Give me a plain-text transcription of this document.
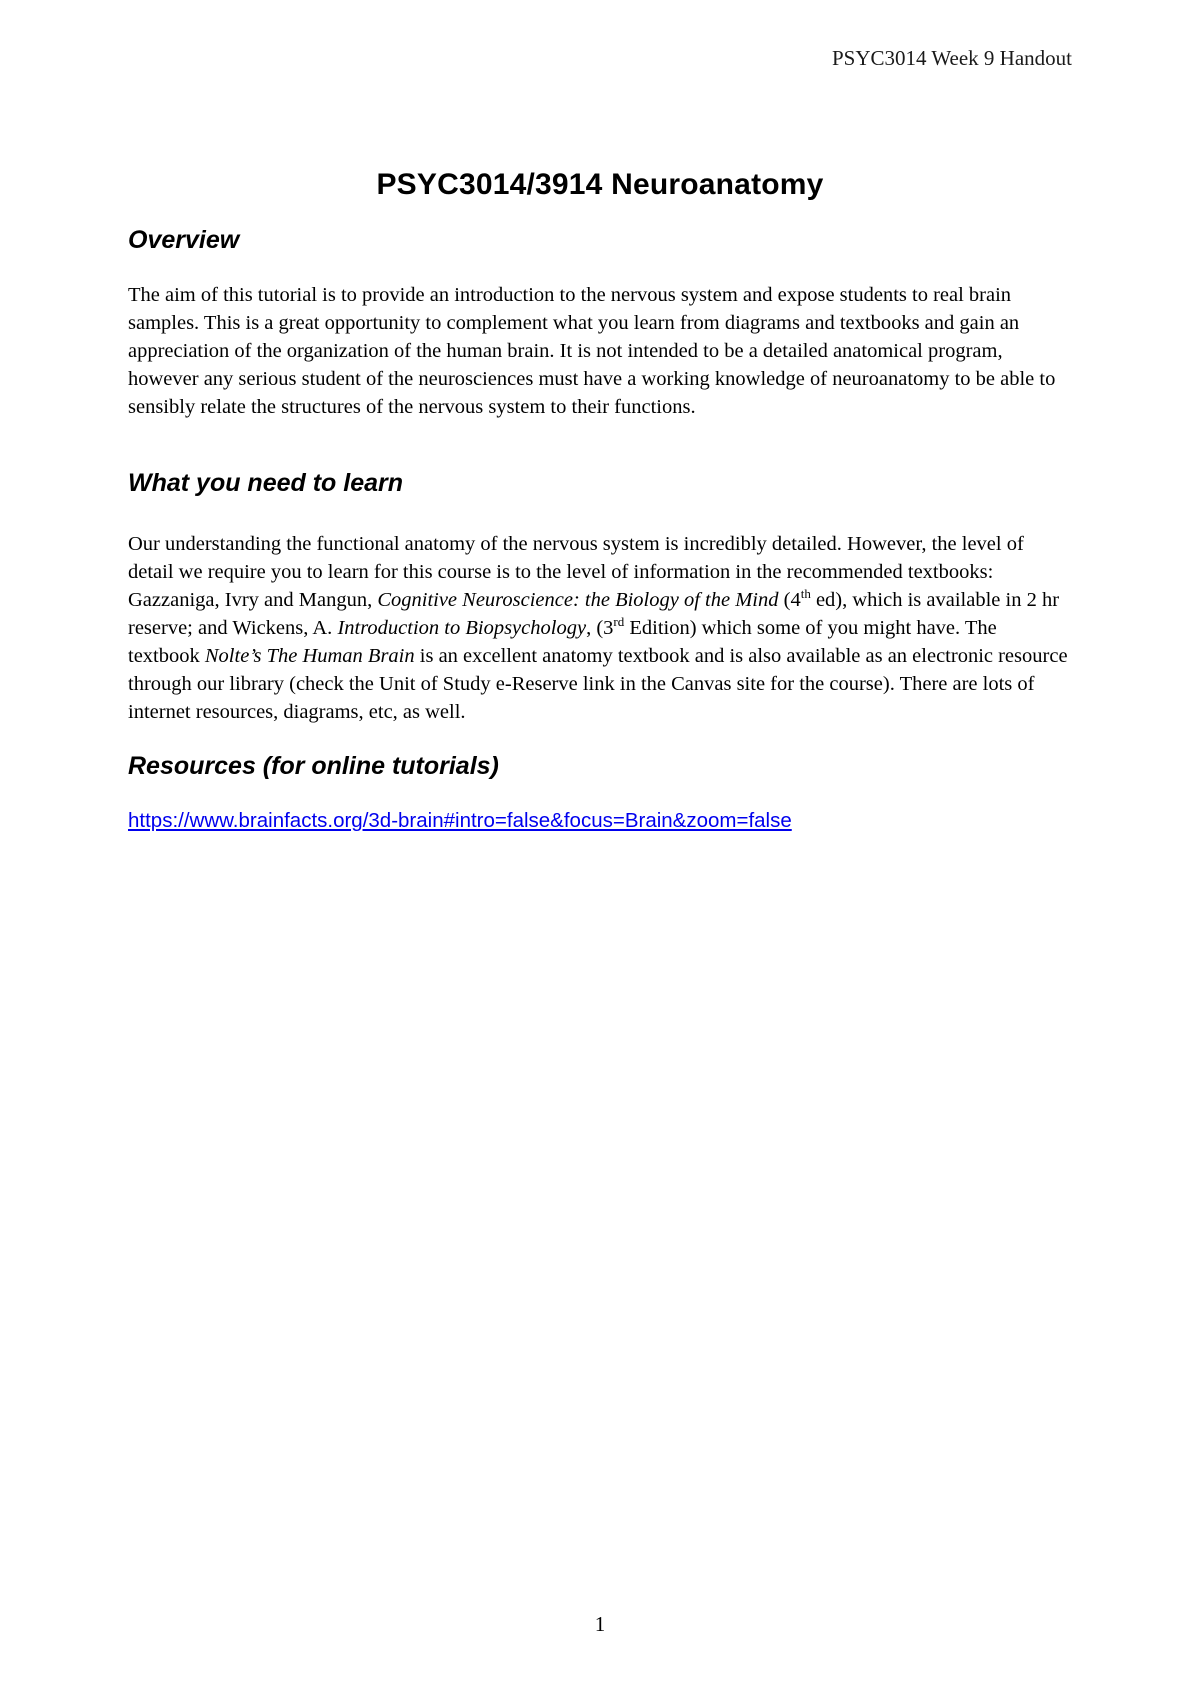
PSYC3014 Week 9 Handout
PSYC3014/3914 Neuroanatomy
Overview

The aim of this tutorial is to provide an introduction to the nervous system and expose students to real brain samples. This is a great opportunity to complement what you learn from diagrams and textbooks and gain an appreciation of the organization of the human brain. It is not intended to be a detailed anatomical program, however any serious student of the neurosciences must have a working knowledge of neuroanatomy to be able to sensibly relate the structures of the nervous system to their functions.

What you need to learn

Our understanding the functional anatomy of the nervous system is incredibly detailed. However, the level of detail we require you to learn for this course is to the level of information in the recommended textbooks: Gazzaniga, Ivry and Mangun, Cognitive Neuroscience: the Biology of the Mind (4th ed), which is available in 2 hr reserve; and Wickens, A. Introduction to Biopsychology, (3rd Edition) which some of you might have. The textbook Nolte’s The Human Brain is an excellent anatomy textbook and is also available as an electronic resource through our library (check the Unit of Study e-Reserve link in the Canvas site for the course). There are lots of internet resources, diagrams, etc, as well.

Resources (for online tutorials)
https://www.brainfacts.org/3d-brain#intro=false&focus=Brain&zoom=false
1
